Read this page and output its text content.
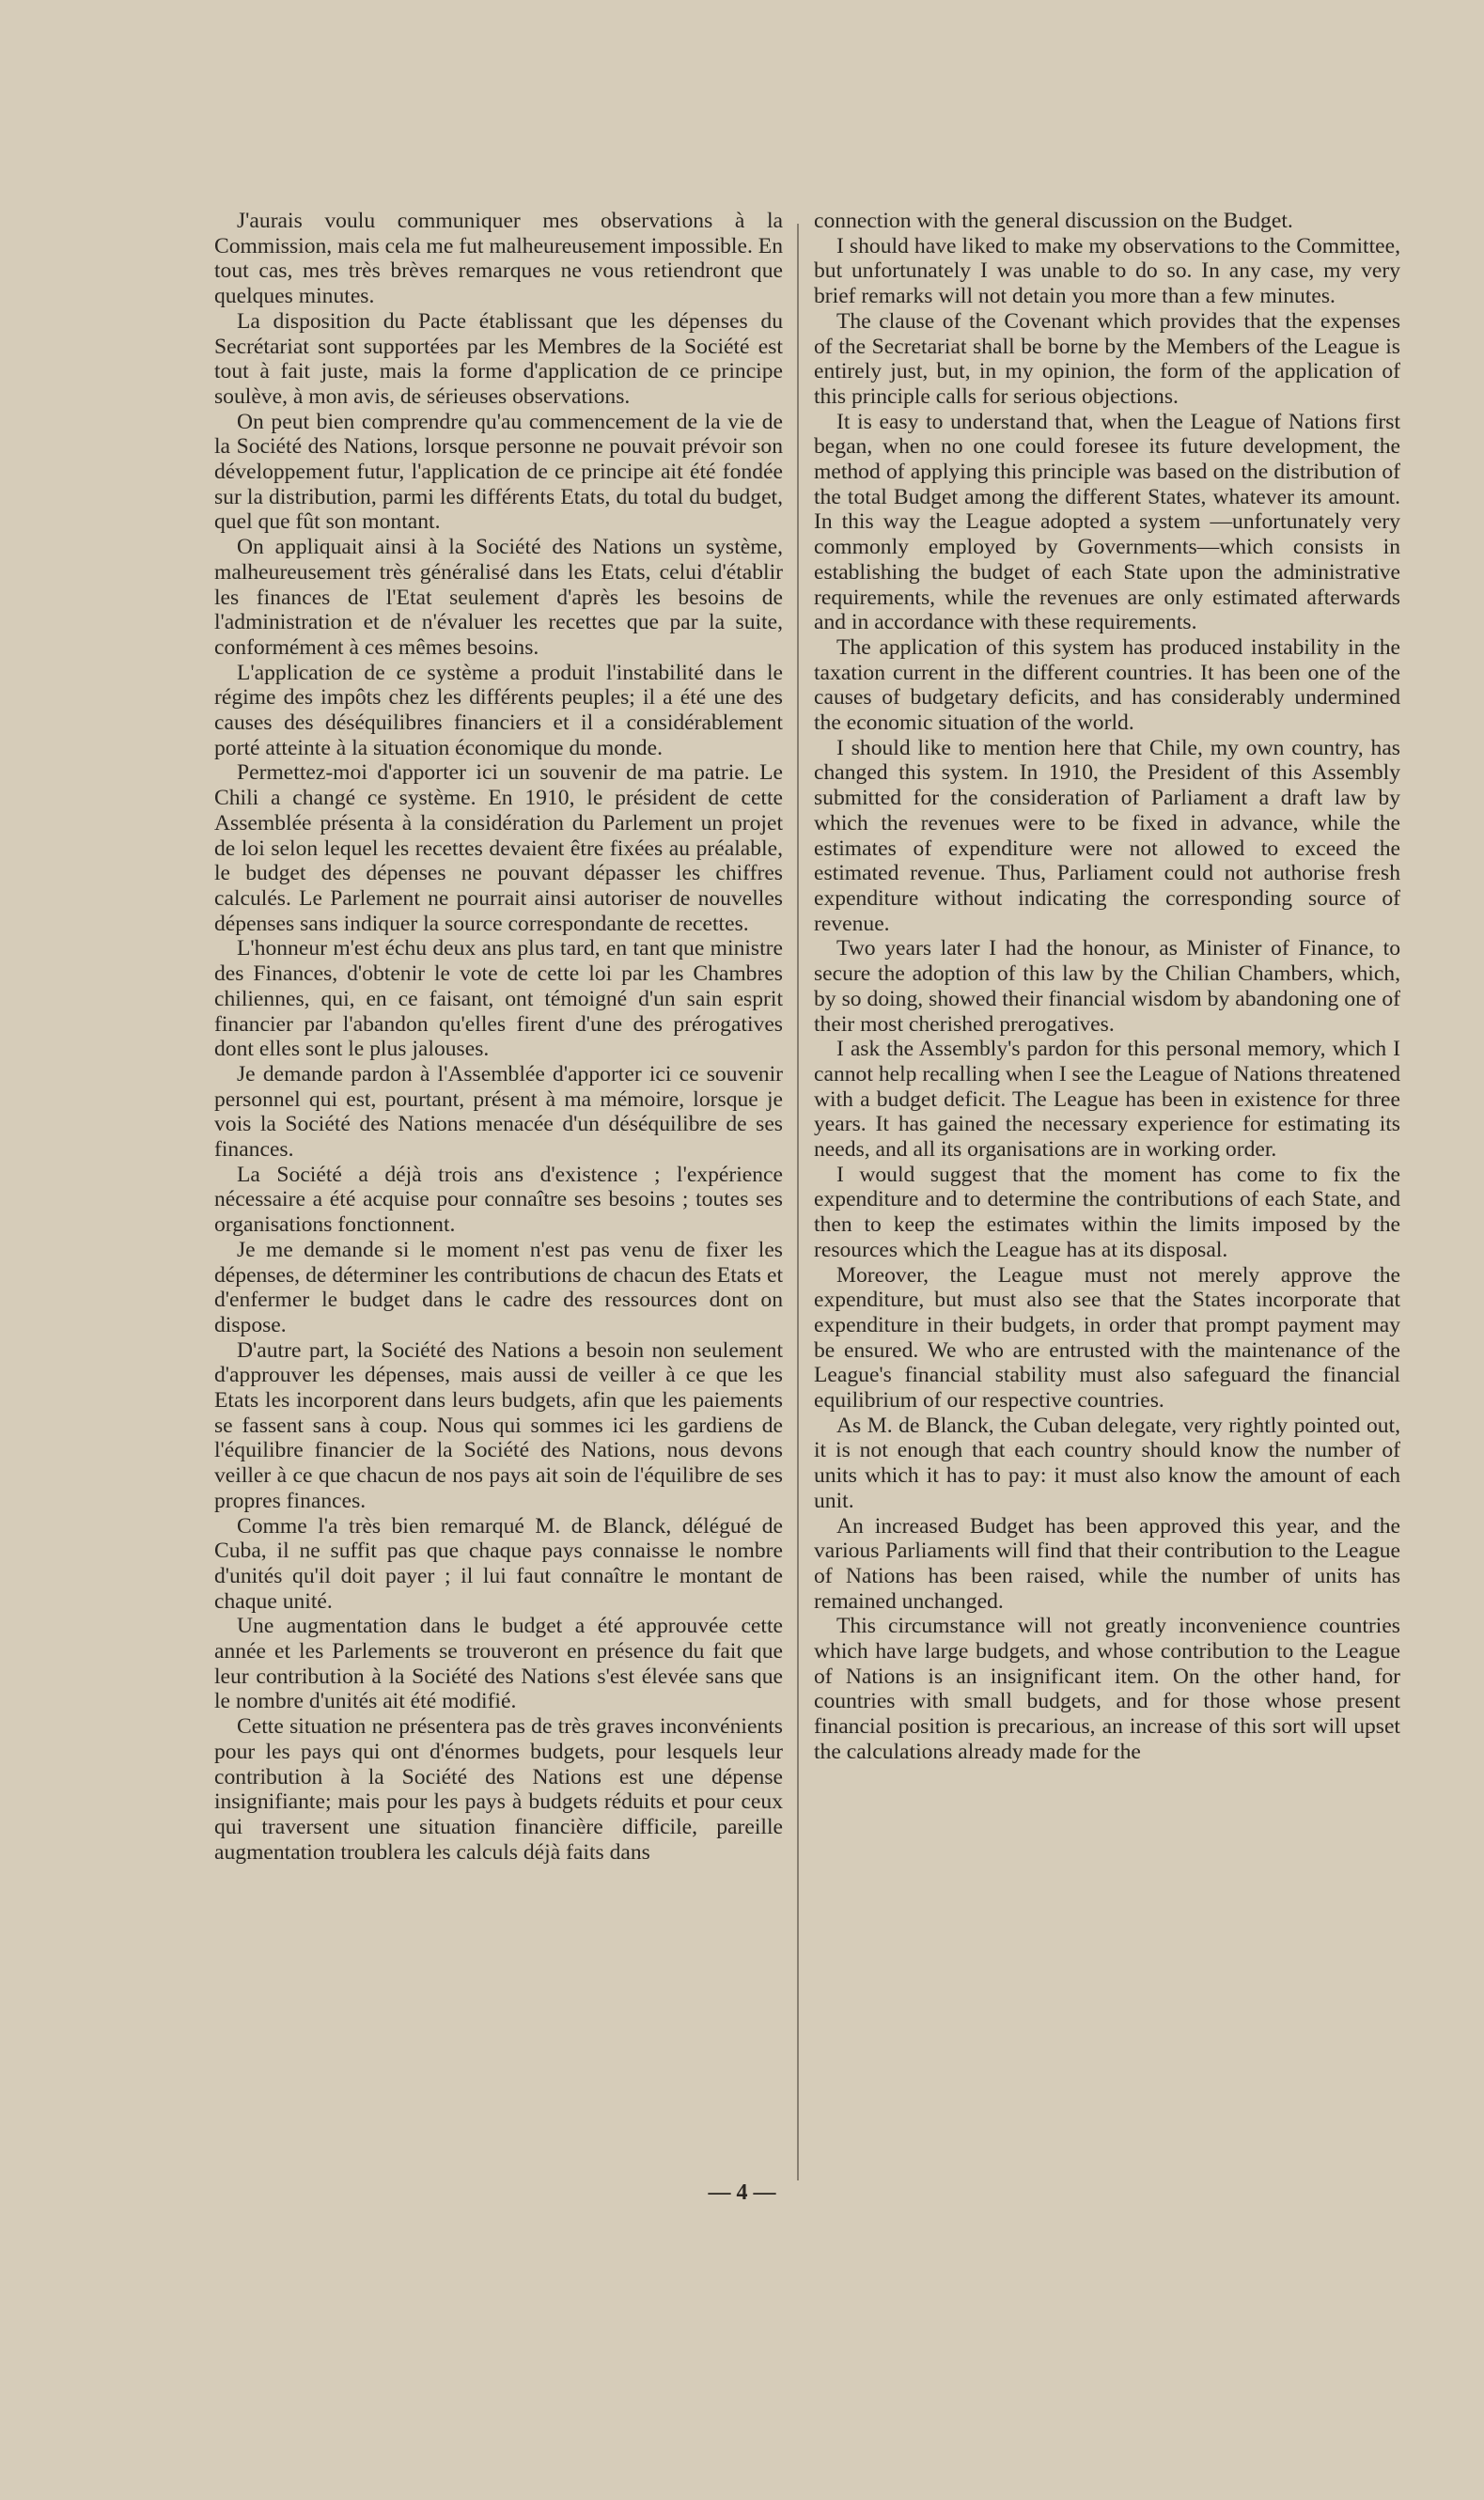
J'aurais voulu communiquer mes observations à la Commission, mais cela me fut malheureusement impossible. En tout cas, mes très brèves remarques ne vous retiendront que quelques minutes.

La disposition du Pacte établissant que les dépenses du Secrétariat sont supportées par les Membres de la Société est tout à fait juste, mais la forme d'application de ce principe soulève, à mon avis, de sérieuses observations.

On peut bien comprendre qu'au commencement de la vie de la Société des Nations, lorsque personne ne pouvait prévoir son développement futur, l'application de ce principe ait été fondée sur la distribution, parmi les différents Etats, du total du budget, quel que fût son montant.

On appliquait ainsi à la Société des Nations un système, malheureusement très généralisé dans les Etats, celui d'établir les finances de l'Etat seulement d'après les besoins de l'administration et de n'évaluer les recettes que par la suite, conformément à ces mêmes besoins.

L'application de ce système a produit l'instabilité dans le régime des impôts chez les différents peuples; il a été une des causes des déséquilibres financiers et il a considérablement porté atteinte à la situation économique du monde.

Permettez-moi d'apporter ici un souvenir de ma patrie. Le Chili a changé ce système. En 1910, le président de cette Assemblée présenta à la considération du Parlement un projet de loi selon lequel les recettes devaient être fixées au préalable, le budget des dépenses ne pouvant dépasser les chiffres calculés. Le Parlement ne pourrait ainsi autoriser de nouvelles dépenses sans indiquer la source correspondante de recettes.

L'honneur m'est échu deux ans plus tard, en tant que ministre des Finances, d'obtenir le vote de cette loi par les Chambres chiliennes, qui, en ce faisant, ont témoigné d'un sain esprit financier par l'abandon qu'elles firent d'une des prérogatives dont elles sont le plus jalouses.

Je demande pardon à l'Assemblée d'apporter ici ce souvenir personnel qui est, pourtant, présent à ma mémoire, lorsque je vois la Société des Nations menacée d'un déséquilibre de ses finances.

La Société a déjà trois ans d'existence ; l'expérience nécessaire a été acquise pour connaître ses besoins ; toutes ses organisations fonctionnent.

Je me demande si le moment n'est pas venu de fixer les dépenses, de déterminer les contributions de chacun des Etats et d'enfermer le budget dans le cadre des ressources dont on dispose.

D'autre part, la Société des Nations a besoin non seulement d'approuver les dépenses, mais aussi de veiller à ce que les Etats les incorporent dans leurs budgets, afin que les paiements se fassent sans à coup. Nous qui sommes ici les gardiens de l'équilibre financier de la Société des Nations, nous devons veiller à ce que chacun de nos pays ait soin de l'équilibre de ses propres finances.

Comme l'a très bien remarqué M. de Blanck, délégué de Cuba, il ne suffit pas que chaque pays connaisse le nombre d'unités qu'il doit payer ; il lui faut connaître le montant de chaque unité.

Une augmentation dans le budget a été approuvée cette année et les Parlements se trouveront en présence du fait que leur contribution à la Société des Nations s'est élevée sans que le nombre d'unités ait été modifié.

Cette situation ne présentera pas de très graves inconvénients pour les pays qui ont d'énormes budgets, pour lesquels leur contribution à la Société des Nations est une dépense insignifiante; mais pour les pays à budgets réduits et pour ceux qui traversent une situation financière difficile, pareille augmentation troublera les calculs déjà faits dans

connection with the general discussion on the Budget.

I should have liked to make my observations to the Committee, but unfortunately I was unable to do so. In any case, my very brief remarks will not detain you more than a few minutes.

The clause of the Covenant which provides that the expenses of the Secretariat shall be borne by the Members of the League is entirely just, but, in my opinion, the form of the application of this principle calls for serious objections.

It is easy to understand that, when the League of Nations first began, when no one could foresee its future development, the method of applying this principle was based on the distribution of the total Budget among the different States, whatever its amount. In this way the League adopted a system —unfortunately very commonly employed by Governments—which consists in establishing the budget of each State upon the administrative requirements, while the revenues are only estimated afterwards and in accordance with these requirements.

The application of this system has produced instability in the taxation current in the different countries. It has been one of the causes of budgetary deficits, and has considerably undermined the economic situation of the world.

I should like to mention here that Chile, my own country, has changed this system. In 1910, the President of this Assembly submitted for the consideration of Parliament a draft law by which the revenues were to be fixed in advance, while the estimates of expenditure were not allowed to exceed the estimated revenue. Thus, Parliament could not authorise fresh expenditure without indicating the corresponding source of revenue.

Two years later I had the honour, as Minister of Finance, to secure the adoption of this law by the Chilian Chambers, which, by so doing, showed their financial wisdom by abandoning one of their most cherished prerogatives.

I ask the Assembly's pardon for this personal memory, which I cannot help recalling when I see the League of Nations threatened with a budget deficit. The League has been in existence for three years. It has gained the necessary experience for estimating its needs, and all its organisations are in working order.

I would suggest that the moment has come to fix the expenditure and to determine the contributions of each State, and then to keep the estimates within the limits imposed by the resources which the League has at its disposal.

Moreover, the League must not merely approve the expenditure, but must also see that the States incorporate that expenditure in their budgets, in order that prompt payment may be ensured. We who are entrusted with the maintenance of the League's financial stability must also safeguard the financial equilibrium of our respective countries.

As M. de Blanck, the Cuban delegate, very rightly pointed out, it is not enough that each country should know the number of units which it has to pay: it must also know the amount of each unit.

An increased Budget has been approved this year, and the various Parliaments will find that their contribution to the League of Nations has been raised, while the number of units has remained unchanged.

This circumstance will not greatly inconvenience countries which have large budgets, and whose contribution to the League of Nations is an insignificant item. On the other hand, for countries with small budgets, and for those whose present financial position is precarious, an increase of this sort will upset the calculations already made for the

— 4 —
